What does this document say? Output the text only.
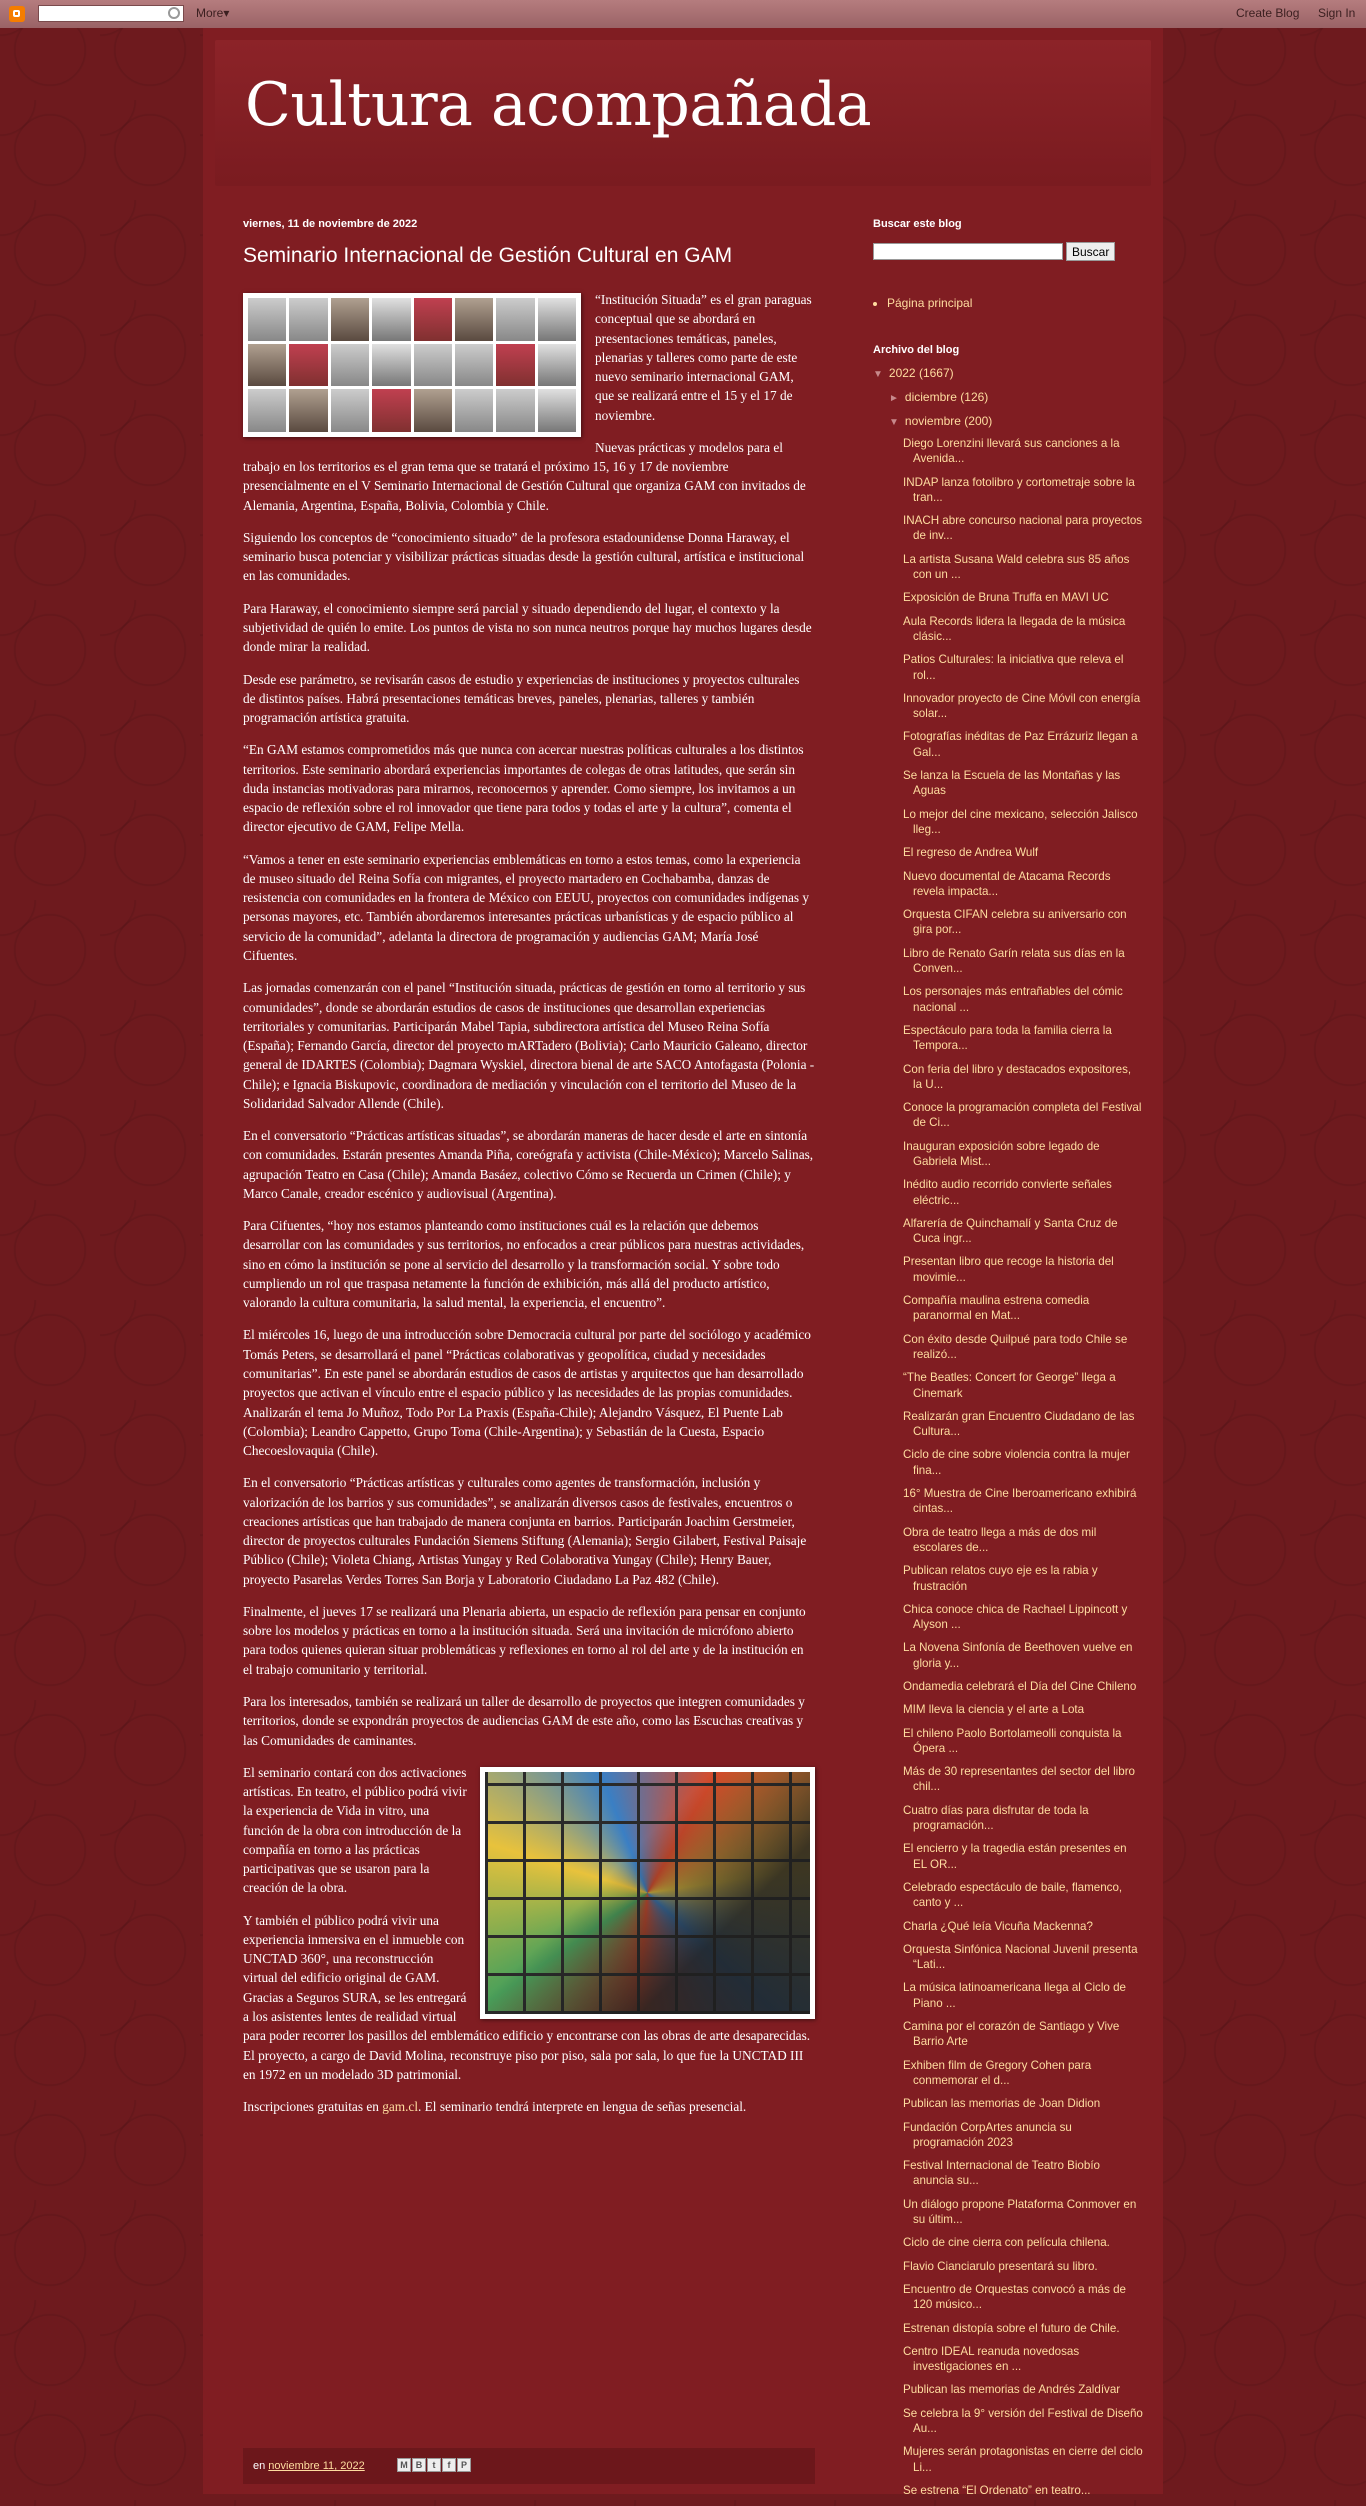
More▾	Create Blog Sign In
Cultura acompañada
viernes, 11 de noviembre de 2022
Seminario Internacional de Gestión Cultural en GAM

“Institución Situada” es el gran paraguas conceptual que se abordará en presentaciones temáticas, paneles, plenarias y talleres como parte de este nuevo seminario internacional GAM, que se realizará entre el 15 y el 17 de noviembre.

Nuevas prácticas y modelos para el trabajo en los territorios es el gran tema que se tratará el próximo 15, 16 y 17 de noviembre presencialmente en el V Seminario Internacional de Gestión Cultural que organiza GAM con invitados de Alemania, Argentina, España, Bolivia, Colombia y Chile.

Siguiendo los conceptos de “conocimiento situado” de la profesora estadounidense Donna Haraway, el seminario busca potenciar y visibilizar prácticas situadas desde la gestión cultural, artística e institucional en las comunidades.

Para Haraway, el conocimiento siempre será parcial y situado dependiendo del lugar, el contexto y la subjetividad de quién lo emite. Los puntos de vista no son nunca neutros porque hay muchos lugares desde donde mirar la realidad.

Desde ese parámetro, se revisarán casos de estudio y experiencias de instituciones y proyectos culturales de distintos países. Habrá presentaciones temáticas breves, paneles, plenarias, talleres y también programación artística gratuita.

“En GAM estamos comprometidos más que nunca con acercar nuestras políticas culturales a los distintos territorios. Este seminario abordará experiencias importantes de colegas de otras latitudes, que serán sin duda instancias motivadoras para mirarnos, reconocernos y aprender. Como siempre, los invitamos a un espacio de reflexión sobre el rol innovador que tiene para todos y todas el arte y la cultura”, comenta el director ejecutivo de GAM, Felipe Mella.

“Vamos a tener en este seminario experiencias emblemáticas en torno a estos temas, como la experiencia de museo situado del Reina Sofía con migrantes, el proyecto martadero en Cochabamba, danzas de resistencia con comunidades en la frontera de México con EEUU, proyectos con comunidades indígenas y personas mayores, etc. También abordaremos interesantes prácticas urbanísticas y de espacio público al servicio de la comunidad”, adelanta la directora de programación y audiencias GAM; María José Cifuentes.

Las jornadas comenzarán con el panel “Institución situada, prácticas de gestión en torno al territorio y sus comunidades”, donde se abordarán estudios de casos de instituciones que desarrollan experiencias territoriales y comunitarias. Participarán Mabel Tapia, subdirectora artística del Museo Reina Sofía (España); Fernando García, director del proyecto mARTadero (Bolivia); Carlo Mauricio Galeano, director general de IDARTES (Colombia); Dagmara Wyskiel, directora bienal de arte SACO Antofagasta (Polonia - Chile); e Ignacia Biskupovic, coordinadora de mediación y vinculación con el territorio del Museo de la Solidaridad Salvador Allende (Chile).

En el conversatorio “Prácticas artísticas situadas”, se abordarán maneras de hacer desde el arte en sintonía con comunidades. Estarán presentes Amanda Piña, coreógrafa y activista (Chile-México); Marcelo Salinas, agrupación Teatro en Casa (Chile); Amanda Basáez, colectivo Cómo se Recuerda un Crimen (Chile); y Marco Canale, creador escénico y audiovisual (Argentina).

Para Cifuentes, “hoy nos estamos planteando como instituciones cuál es la relación que debemos desarrollar con las comunidades y sus territorios, no enfocados a crear públicos para nuestras actividades, sino en cómo la institución se pone al servicio del desarrollo y la transformación social. Y sobre todo cumpliendo un rol que traspasa netamente la función de exhibición, más allá del producto artístico, valorando la cultura comunitaria, la salud mental, la experiencia, el encuentro”.

El miércoles 16, luego de una introducción sobre Democracia cultural por parte del sociólogo y académico Tomás Peters, se desarrollará el panel “Prácticas colaborativas y geopolítica, ciudad y necesidades comunitarias”. En este panel se abordarán estudios de casos de artistas y arquitectos que han desarrollado proyectos que activan el vínculo entre el espacio público y las necesidades de las propias comunidades. Analizarán el tema Jo Muñoz, Todo Por La Praxis (España-Chile); Alejandro Vásquez, El Puente Lab (Colombia); Leandro Cappetto, Grupo Toma (Chile-Argentina); y Sebastián de la Cuesta, Espacio Checoeslovaquia (Chile).

En el conversatorio “Prácticas artísticas y culturales como agentes de transformación, inclusión y valorización de los barrios y sus comunidades”, se analizarán diversos casos de festivales, encuentros o creaciones artísticas que han trabajado de manera conjunta en barrios. Participarán Joachim Gerstmeier, director de proyectos culturales Fundación Siemens Stiftung (Alemania); Sergio Gilabert, Festival Paisaje Público (Chile); Violeta Chiang, Artistas Yungay y Red Colaborativa Yungay (Chile); Henry Bauer, proyecto Pasarelas Verdes Torres San Borja y Laboratorio Ciudadano La Paz 482 (Chile).

Finalmente, el jueves 17 se realizará una Plenaria abierta, un espacio de reflexión para pensar en conjunto sobre los modelos y prácticas en torno a la institución situada. Será una invitación de micrófono abierto para todos quienes quieran situar problemáticas y reflexiones en torno al rol del arte y de la institución en el trabajo comunitario y territorial.

Para los interesados, también se realizará un taller de desarrollo de proyectos que integren comunidades y territorios, donde se expondrán proyectos de audiencias GAM de este año, como las Escuchas creativas y las Comunidades de caminantes.

El seminario contará con dos activaciones artísticas. En teatro, el público podrá vivir la experiencia de Vida in vitro, una función de la obra con introducción de la compañía en torno a las prácticas participativas que se usaron para la creación de la obra.

Y también el público podrá vivir una experiencia inmersiva en el inmueble con UNCTAD 360°, una reconstrucción virtual del edificio original de GAM.

Gracias a Seguros SURA, se les entregará a los asistentes lentes de realidad virtual para poder recorrer los pasillos del emblemático edificio y encontrarse con las obras de arte desaparecidas. El proyecto, a cargo de David Molina, reconstruye piso por piso, sala por sala, lo que fue la UNCTAD III en 1972 en un modelado 3D patrimonial.

Inscripciones gratuitas en gam.cl. El seminario tendrá interprete en lengua de señas presencial.

en noviembre 11, 2022	M B	t	f	P
Buscar este blog
Buscar
• Página principal
Archivo del blog
▼ 2022 (1667)
► diciembre (126)
▼ noviembre (200)
Diego Lorenzini llevará sus canciones a la Avenida...
INDAP lanza fotolibro y cortometraje sobre la tran...
INACH abre concurso nacional para proyectos de inv...
La artista Susana Wald celebra sus 85 años con un ...
Exposición de Bruna Truffa en MAVI UC
Aula Records lidera la llegada de la música clásic...
Patios Culturales: la iniciativa que releva el rol...
Innovador proyecto de Cine Móvil con energía solar...
Fotografías inéditas de Paz Errázuriz llegan a Gal...
Se lanza la Escuela de las Montañas y las Aguas
Lo mejor del cine mexicano, selección Jalisco lleg...
El regreso de Andrea Wulf
Nuevo documental de Atacama Records revela impacta...
Orquesta CIFAN celebra su aniversario con gira por...
Libro de Renato Garín relata sus días en la Conven...
Los personajes más entrañables del cómic nacional ...
Espectáculo para toda la familia cierra la Tempora...
Con feria del libro y destacados expositores, la U...
Conoce la programación completa del Festival de Ci...
Inauguran exposición sobre legado de Gabriela Mist...
Inédito audio recorrido convierte señales eléctric...
Alfarería de Quinchamalí y Santa Cruz de Cuca ingr...
Presentan libro que recoge la historia del movimie...
Compañía maulina estrena comedia paranormal en Mat...
Con éxito desde Quilpué para todo Chile se realizó...
“The Beatles: Concert for George” llega a Cinemark
Realizarán gran Encuentro Ciudadano de las Cultura...
Ciclo de cine sobre violencia contra la mujer fina...
16° Muestra de Cine Iberoamericano exhibirá cintas...
Obra de teatro llega a más de dos mil escolares de...
Publican relatos cuyo eje es la rabia y frustración
Chica conoce chica de Rachael Lippincott y Alyson ...
La Novena Sinfonía de Beethoven vuelve en gloria y...
Ondamedia celebrará el Día del Cine Chileno
MIM lleva la ciencia y el arte a Lota
El chileno Paolo Bortolameolli conquista la Ópera ...
Más de 30 representantes del sector del libro chil...
Cuatro días para disfrutar de toda la programación...
El encierro y la tragedia están presentes en EL OR...
Celebrado espectáculo de baile, flamenco, canto y ...
Charla ¿Qué leía Vicuña Mackenna?
Orquesta Sinfónica Nacional Juvenil presenta “Lati...
La música latinoamericana llega al Ciclo de Piano ...
Camina por el corazón de Santiago y Vive Barrio Arte
Exhiben film de Gregory Cohen para conmemorar el d...
Publican las memorias de Joan Didion
Fundación CorpArtes anuncia su programación 2023
Festival Internacional de Teatro Biobío anuncia su...
Un diálogo propone Plataforma Conmover en su últim...
Ciclo de cine cierra con película chilena.
Flavio Cianciarulo presentará su libro.
Encuentro de Orquestas convocó a más de 120 músico...
Estrenan distopía sobre el futuro de Chile.
Centro IDEAL reanuda novedosas investigaciones en ...
Publican las memorias de Andrés Zaldívar
Se celebra la 9° versión del Festival de Diseño Au...
Mujeres serán protagonistas en cierre del ciclo Li...
Se estrena “El Ordenato” en teatro...
